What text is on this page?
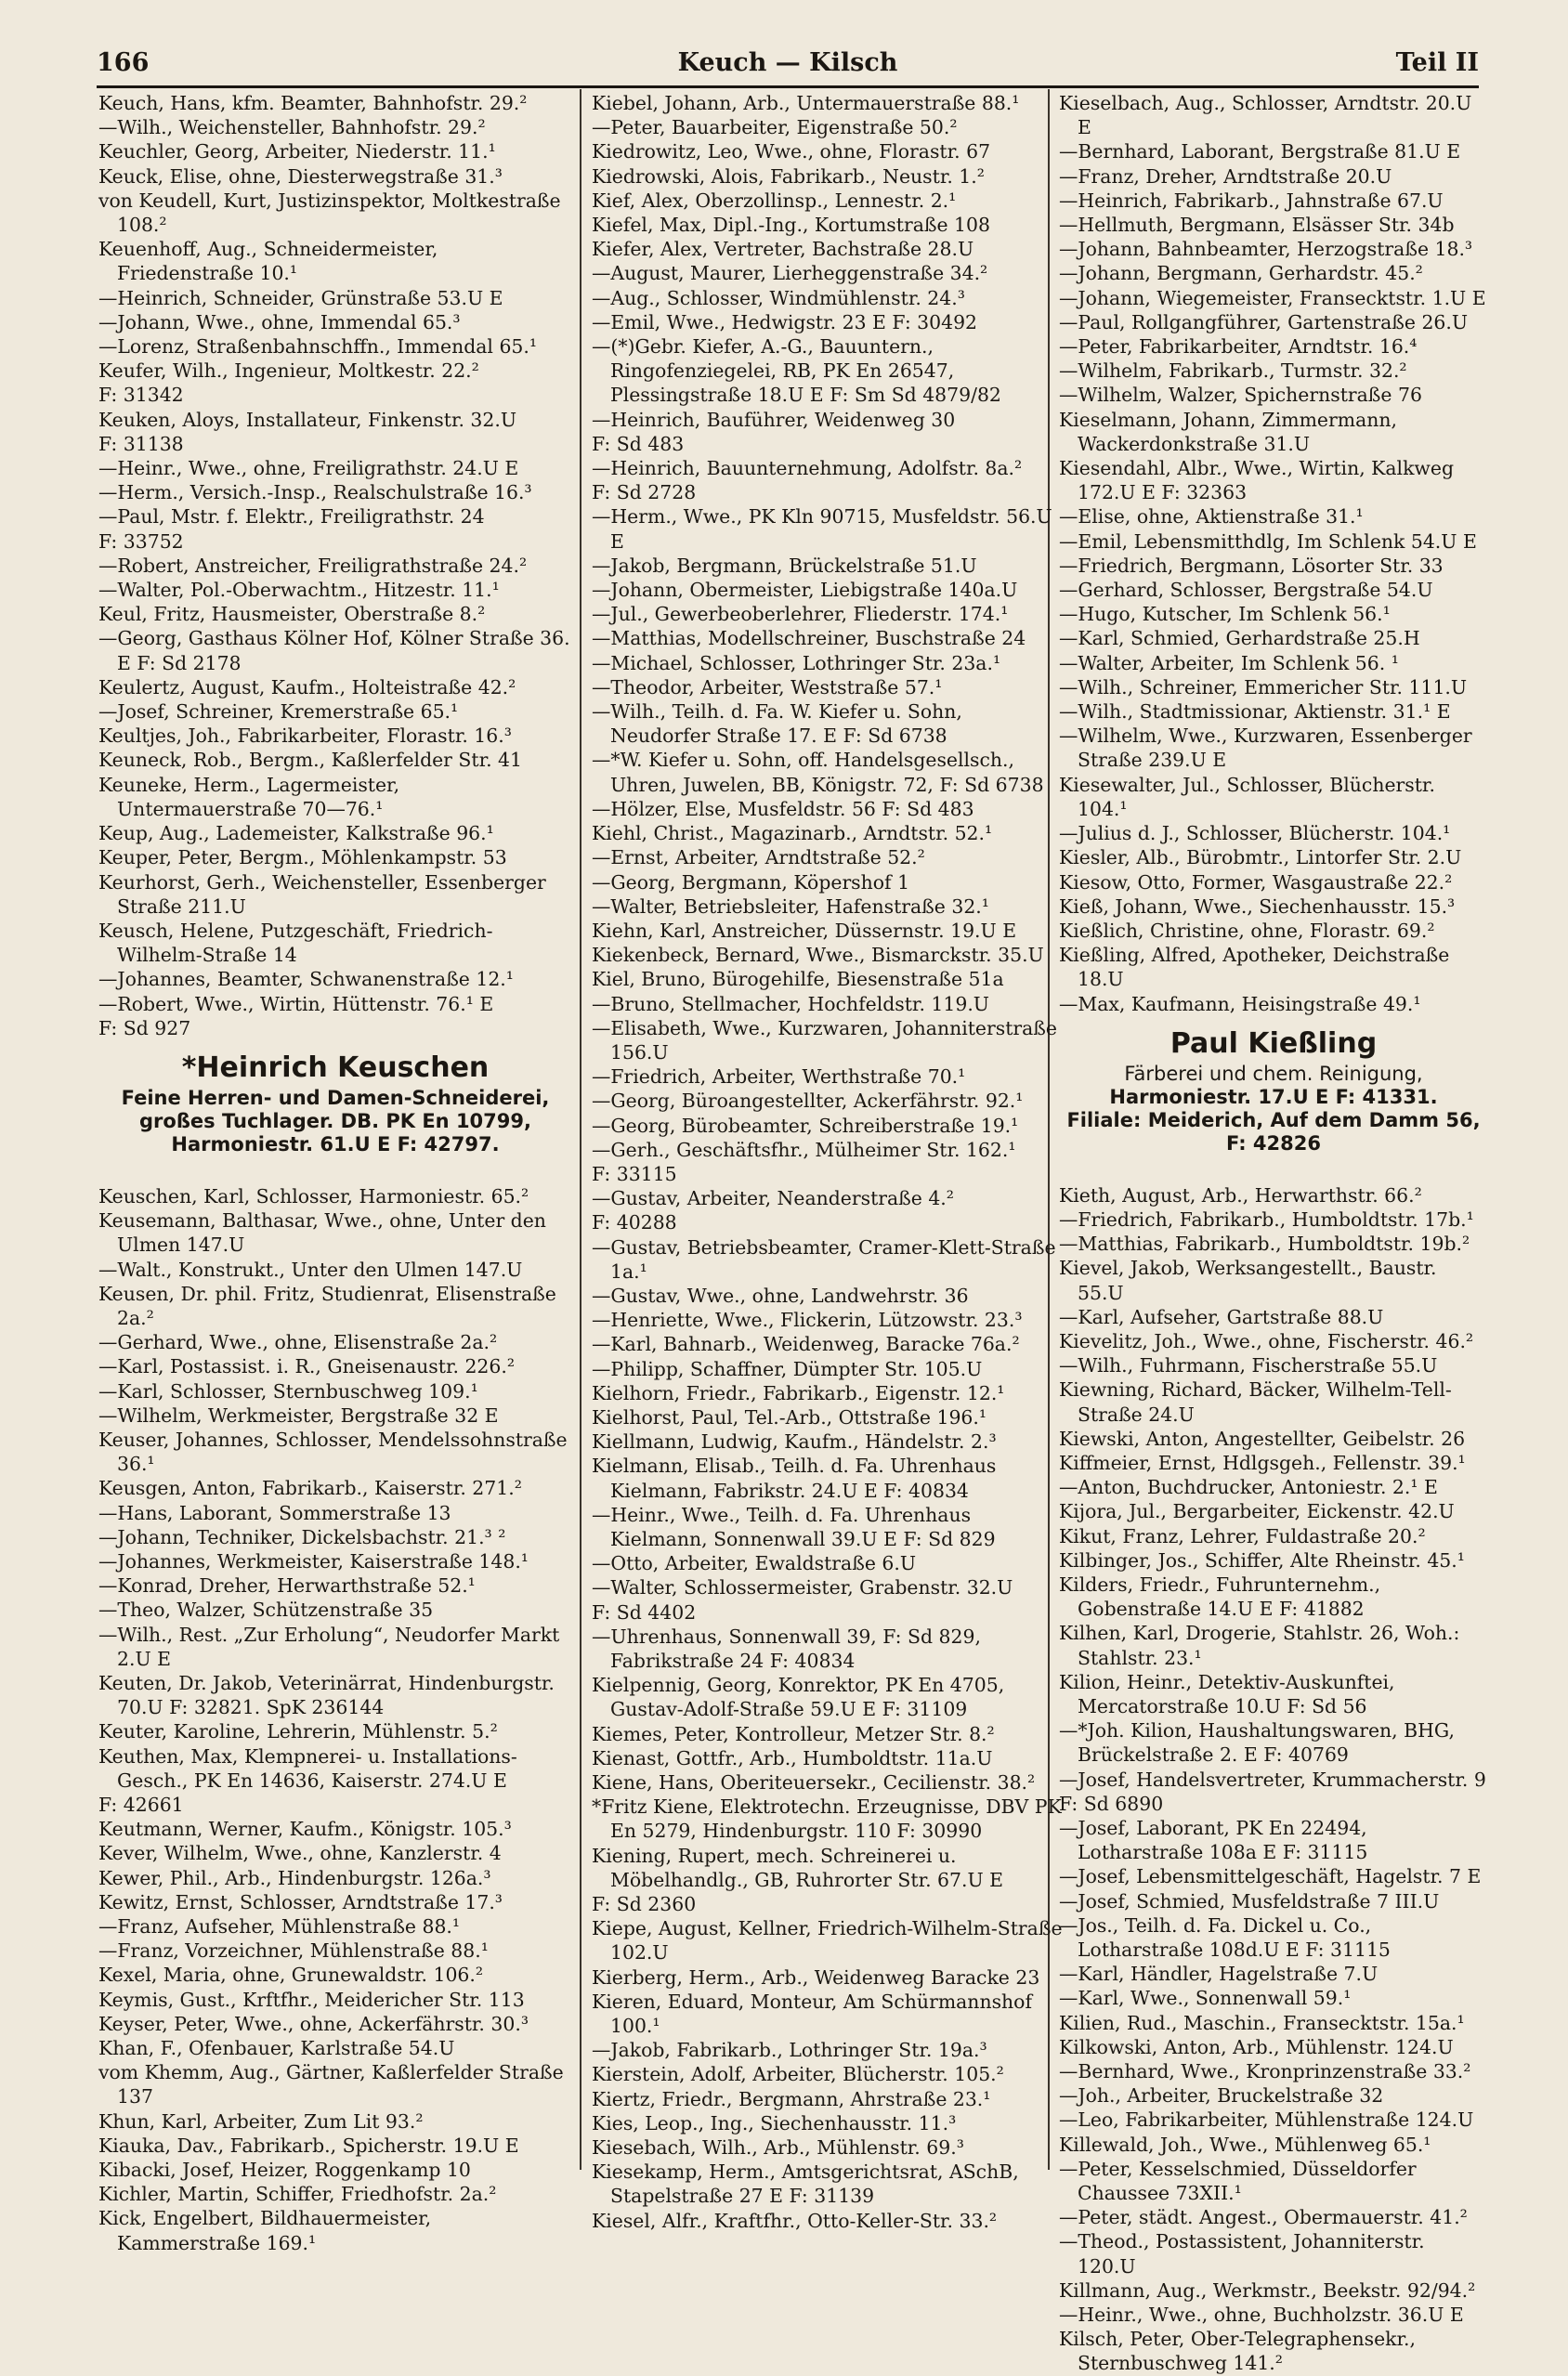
166	Keuch — Kilsch	Teil II
Keuch, Hans, kfm. Beamter, Bahnhofstr. 29.²
—Wilh., Weichensteller, Bahnhofstr. 29.²
Keuchler, Georg, Arbeiter, Niederstr. 11.¹
Keuck, Elise, ohne, Diesterwegstraße 31.³
von Keudell, Kurt, Justizinspektor, Moltkestraße 108.²
Keuenhoff, Aug., Schneidermeister, Friedenstraße 10.¹
—Heinrich, Schneider, Grünstraße 53.U E
—Johann, Wwe., ohne, Immendal 65.³
—Lorenz, Straßenbahnschffn., Immendal 65.¹
Keufer, Wilh., Ingenieur, Moltkestr. 22.²
F: 31342
Keuken, Aloys, Installateur, Finkenstr. 32.U
F: 31138
—Heinr., Wwe., ohne, Freiligrathstr. 24.U E
—Herm., Versich.-Insp., Realschulstraße 16.³
—Paul, Mstr. f. Elektr., Freiligrathstr. 24
F: 33752
—Robert, Anstreicher, Freiligrathstraße 24.²
—Walter, Pol.-Oberwachtm., Hitzestr. 11.¹
Keul, Fritz, Hausmeister, Oberstraße 8.²
—Georg, Gasthaus Kölner Hof, Kölner Straße 36. E F: Sd 2178
Keulertz, August, Kaufm., Holteistraße 42.²
—Josef, Schreiner, Kremerstraße 65.¹
Keultjes, Joh., Fabrikarbeiter, Florastr. 16.³
Keuneck, Rob., Bergm., Kaßlerfelder Str. 41
Keuneke, Herm., Lagermeister, Untermauerstraße 70—76.¹
Keup, Aug., Lademeister, Kalkstraße 96.¹
Keuper, Peter, Bergm., Möhlenkampstr. 53
Keurhorst, Gerh., Weichensteller, Essenberger Straße 211.U
Keusch, Helene, Putzgeschäft, Friedrich-Wilhelm-Straße 14
—Johannes, Beamter, Schwanenstraße 12.¹
—Robert, Wwe., Wirtin, Hüttenstr. 76.¹ E
F: Sd 927
*Heinrich Keuschen
Feine Herren- und Damen-Schneiderei,
großes Tuchlager. DB. PK En 10799,
Harmoniestr. 61.U E F: 42797.
Keuschen, Karl, Schlosser, Harmoniestr. 65.²
Keusemann, Balthasar, Wwe., ohne, Unter den Ulmen 147.U
—Walt., Konstrukt., Unter den Ulmen 147.U
Keusen, Dr. phil. Fritz, Studienrat, Elisenstraße 2a.²
—Gerhard, Wwe., ohne, Elisenstraße 2a.²
—Karl, Postassist. i. R., Gneisenaustr. 226.²
—Karl, Schlosser, Sternbuschweg 109.¹
—Wilhelm, Werkmeister, Bergstraße 32 E
Keuser, Johannes, Schlosser, Mendelssohnstraße 36.¹
Keusgen, Anton, Fabrikarb., Kaiserstr. 271.²
—Hans, Laborant, Sommerstraße 13
—Johann, Techniker, Dickelsbachstr. 21.³ ²
—Johannes, Werkmeister, Kaiserstraße 148.¹
—Konrad, Dreher, Herwarthstraße 52.¹
—Theo, Walzer, Schützenstraße 35
—Wilh., Rest. „Zur Erholung“, Neudorfer Markt 2.U E
Keuten, Dr. Jakob, Veterinärrat, Hindenburgstr. 70.U F: 32821. SpK 236144
Keuter, Karoline, Lehrerin, Mühlenstr. 5.²
Keuthen, Max, Klempnerei- u. Installations-Gesch., PK En 14636, Kaiserstr. 274.U E
F: 42661
Keutmann, Werner, Kaufm., Königstr. 105.³
Kever, Wilhelm, Wwe., ohne, Kanzlerstr. 4
Kewer, Phil., Arb., Hindenburgstr. 126a.³
Kewitz, Ernst, Schlosser, Arndtstraße 17.³
—Franz, Aufseher, Mühlenstraße 88.¹
—Franz, Vorzeichner, Mühlenstraße 88.¹
Kexel, Maria, ohne, Grunewaldstr. 106.²
Keymis, Gust., Krftfhr., Meidericher Str. 113
Keyser, Peter, Wwe., ohne, Ackerfährstr. 30.³
Khan, F., Ofenbauer, Karlstraße 54.U
vom Khemm, Aug., Gärtner, Kaßlerfelder Straße 137
Khun, Karl, Arbeiter, Zum Lit 93.²
Kiauka, Dav., Fabrikarb., Spicherstr. 19.U E
Kibacki, Josef, Heizer, Roggenkamp 10
Kichler, Martin, Schiffer, Friedhofstr. 2a.²
Kick, Engelbert, Bildhauermeister, Kammerstraße 169.¹
Kiebel, Johann, Arb., Untermauerstraße 88.¹
—Peter, Bauarbeiter, Eigenstraße 50.²
Kiedrowitz, Leo, Wwe., ohne, Florastr. 67
Kiedrowski, Alois, Fabrikarb., Neustr. 1.²
Kief, Alex, Oberzollinsp., Lennestr. 2.¹
Kiefel, Max, Dipl.-Ing., Kortumstraße 108
Kiefer, Alex, Vertreter, Bachstraße 28.U
—August, Maurer, Lierheggenstraße 34.²
—Aug., Schlosser, Windmühlenstr. 24.³
—Emil, Wwe., Hedwigstr. 23 E F: 30492
—(*)Gebr. Kiefer, A.-G., Bauuntern., Ringofenziegelei, RB, PK En 26547, Plessingstraße 18.U E F: Sm Sd 4879/82
—Heinrich, Bauführer, Weidenweg 30
F: Sd 483
—Heinrich, Bauunternehmung, Adolfstr. 8a.²
F: Sd 2728
—Herm., Wwe., PK Kln 90715, Musfeldstr. 56.U E
—Jakob, Bergmann, Brückelstraße 51.U
—Johann, Obermeister, Liebigstraße 140a.U
—Jul., Gewerbeoberlehrer, Fliederstr. 174.¹
—Matthias, Modellschreiner, Buschstraße 24
—Michael, Schlosser, Lothringer Str. 23a.¹
—Theodor, Arbeiter, Weststraße 57.¹
—Wilh., Teilh. d. Fa. W. Kiefer u. Sohn, Neudorfer Straße 17. E F: Sd 6738
—*W. Kiefer u. Sohn, off. Handelsgesellsch., Uhren, Juwelen, BB, Königstr. 72, F: Sd 6738
—Hölzer, Else, Musfeldstr. 56 F: Sd 483
Kiehl, Christ., Magazinarb., Arndtstr. 52.¹
—Ernst, Arbeiter, Arndtstraße 52.²
—Georg, Bergmann, Köpershof 1
—Walter, Betriebsleiter, Hafenstraße 32.¹
Kiehn, Karl, Anstreicher, Düssernstr. 19.U E
Kiekenbeck, Bernard, Wwe., Bismarckstr. 35.U
Kiel, Bruno, Bürogehilfe, Biesenstraße 51a
—Bruno, Stellmacher, Hochfeldstr. 119.U
—Elisabeth, Wwe., Kurzwaren, Johanniterstraße 156.U
—Friedrich, Arbeiter, Werthstraße 70.¹
—Georg, Büroangestellter, Ackerfährstr. 92.¹
—Georg, Bürobeamter, Schreiberstraße 19.¹
—Gerh., Geschäftsfhr., Mülheimer Str. 162.¹
F: 33115
—Gustav, Arbeiter, Neanderstraße 4.²
F: 40288
—Gustav, Betriebsbeamter, Cramer-Klett-Straße 1a.¹
—Gustav, Wwe., ohne, Landwehrstr. 36
—Henriette, Wwe., Flickerin, Lützowstr. 23.³
—Karl, Bahnarb., Weidenweg, Baracke 76a.²
—Philipp, Schaffner, Dümpter Str. 105.U
Kielhorn, Friedr., Fabrikarb., Eigenstr. 12.¹
Kielhorst, Paul, Tel.-Arb., Ottstraße 196.¹
Kiellmann, Ludwig, Kaufm., Händelstr. 2.³
Kielmann, Elisab., Teilh. d. Fa. Uhrenhaus Kielmann, Fabrikstr. 24.U E F: 40834
—Heinr., Wwe., Teilh. d. Fa. Uhrenhaus Kielmann, Sonnenwall 39.U E F: Sd 829
—Otto, Arbeiter, Ewaldstraße 6.U
—Walter, Schlossermeister, Grabenstr. 32.U
F: Sd 4402
—Uhrenhaus, Sonnenwall 39, F: Sd 829, Fabrikstraße 24 F: 40834
Kielpennig, Georg, Konrektor, PK En 4705, Gustav-Adolf-Straße 59.U E F: 31109
Kiemes, Peter, Kontrolleur, Metzer Str. 8.²
Kienast, Gottfr., Arb., Humboldtstr. 11a.U
Kiene, Hans, Oberiteuersekr., Cecilienstr. 38.²
*Fritz Kiene, Elektrotechn. Erzeugnisse, DBV PK En 5279, Hindenburgstr. 110 F: 30990
Kiening, Rupert, mech. Schreinerei u. Möbelhandlg., GB, Ruhrorter Str. 67.U E
F: Sd 2360
Kiepe, August, Kellner, Friedrich-Wilhelm-Straße 102.U
Kierberg, Herm., Arb., Weidenweg Baracke 23
Kieren, Eduard, Monteur, Am Schürmannshof 100.¹
—Jakob, Fabrikarb., Lothringer Str. 19a.³
Kierstein, Adolf, Arbeiter, Blücherstr. 105.²
Kiertz, Friedr., Bergmann, Ahrstraße 23.¹
Kies, Leop., Ing., Siechenhausstr. 11.³
Kiesebach, Wilh., Arb., Mühlenstr. 69.³
Kiesekamp, Herm., Amtsgerichtsrat, ASchB, Stapelstraße 27 E F: 31139
Kiesel, Alfr., Kraftfhr., Otto-Keller-Str. 33.²
Kieselbach, Aug., Schlosser, Arndtstr. 20.U E
—Bernhard, Laborant, Bergstraße 81.U E
—Franz, Dreher, Arndtstraße 20.U
—Heinrich, Fabrikarb., Jahnstraße 67.U
—Hellmuth, Bergmann, Elsässer Str. 34b
—Johann, Bahnbeamter, Herzogstraße 18.³
—Johann, Bergmann, Gerhardstr. 45.²
—Johann, Wiegemeister, Fransecktstr. 1.U E
—Paul, Rollgangführer, Gartenstraße 26.U
—Peter, Fabrikarbeiter, Arndtstr. 16.⁴
—Wilhelm, Fabrikarb., Turmstr. 32.²
—Wilhelm, Walzer, Spichernstraße 76
Kieselmann, Johann, Zimmermann, Wackerdonkstraße 31.U
Kiesendahl, Albr., Wwe., Wirtin, Kalkweg 172.U E F: 32363
—Elise, ohne, Aktienstraße 31.¹
—Emil, Lebensmitthdlg, Im Schlenk 54.U E
—Friedrich, Bergmann, Lösorter Str. 33
—Gerhard, Schlosser, Bergstraße 54.U
—Hugo, Kutscher, Im Schlenk 56.¹
—Karl, Schmied, Gerhardstraße 25.H
—Walter, Arbeiter, Im Schlenk 56. ¹
—Wilh., Schreiner, Emmericher Str. 111.U
—Wilh., Stadtmissionar, Aktienstr. 31.¹ E
—Wilhelm, Wwe., Kurzwaren, Essenberger Straße 239.U E
Kiesewalter, Jul., Schlosser, Blücherstr. 104.¹
—Julius d. J., Schlosser, Blücherstr. 104.¹
Kiesler, Alb., Bürobmtr., Lintorfer Str. 2.U
Kiesow, Otto, Former, Wasgaustraße 22.²
Kieß, Johann, Wwe., Siechenhausstr. 15.³
Kießlich, Christine, ohne, Florastr. 69.²
Kießling, Alfred, Apotheker, Deichstraße 18.U
—Max, Kaufmann, Heisingstraße 49.¹
Paul Kießling
Färberei und chem. Reinigung,
Harmoniestr. 17.U E F: 41331.
Filiale: Meiderich, Auf dem Damm 56,
F: 42826
Kieth, August, Arb., Herwarthstr. 66.²
—Friedrich, Fabrikarb., Humboldtstr. 17b.¹
—Matthias, Fabrikarb., Humboldtstr. 19b.²
Kievel, Jakob, Werksangestellt., Baustr. 55.U
—Karl, Aufseher, Gartstraße 88.U
Kievelitz, Joh., Wwe., ohne, Fischerstr. 46.²
—Wilh., Fuhrmann, Fischerstraße 55.U
Kiewning, Richard, Bäcker, Wilhelm-Tell-Straße 24.U
Kiewski, Anton, Angestellter, Geibelstr. 26
Kiffmeier, Ernst, Hdlgsgeh., Fellenstr. 39.¹
—Anton, Buchdrucker, Antoniestr. 2.¹ E
Kijora, Jul., Bergarbeiter, Eickenstr. 42.U
Kikut, Franz, Lehrer, Fuldastraße 20.²
Kilbinger, Jos., Schiffer, Alte Rheinstr. 45.¹
Kilders, Friedr., Fuhrunternehm., Gobenstraße 14.U E F: 41882
Kilhen, Karl, Drogerie, Stahlstr. 26, Woh.: Stahlstr. 23.¹
Kilion, Heinr., Detektiv-Auskunftei, Mercatorstraße 10.U F: Sd 56
—*Joh. Kilion, Haushaltungswaren, BHG, Brückelstraße 2. E F: 40769
—Josef, Handelsvertreter, Krummacherstr. 9
F: Sd 6890
—Josef, Laborant, PK En 22494, Lotharstraße 108a E F: 31115
—Josef, Lebensmittelgeschäft, Hagelstr. 7 E
—Josef, Schmied, Musfeldstraße 7 III.U
—Jos., Teilh. d. Fa. Dickel u. Co., Lotharstraße 108d.U E F: 31115
—Karl, Händler, Hagelstraße 7.U
—Karl, Wwe., Sonnenwall 59.¹
Kilien, Rud., Maschin., Fransecktstr. 15a.¹
Kilkowski, Anton, Arb., Mühlenstr. 124.U
—Bernhard, Wwe., Kronprinzenstraße 33.²
—Joh., Arbeiter, Bruckelstraße 32
—Leo, Fabrikarbeiter, Mühlenstraße 124.U
Killewald, Joh., Wwe., Mühlenweg 65.¹
—Peter, Kesselschmied, Düsseldorfer Chaussee 73XII.¹
—Peter, städt. Angest., Obermauerstr. 41.²
—Theod., Postassistent, Johanniterstr. 120.U
Killmann, Aug., Werkmstr., Beekstr. 92/94.²
—Heinr., Wwe., ohne, Buchholzstr. 36.U E
Kilsch, Peter, Ober-Telegraphensekr., Sternbuschweg 141.²
